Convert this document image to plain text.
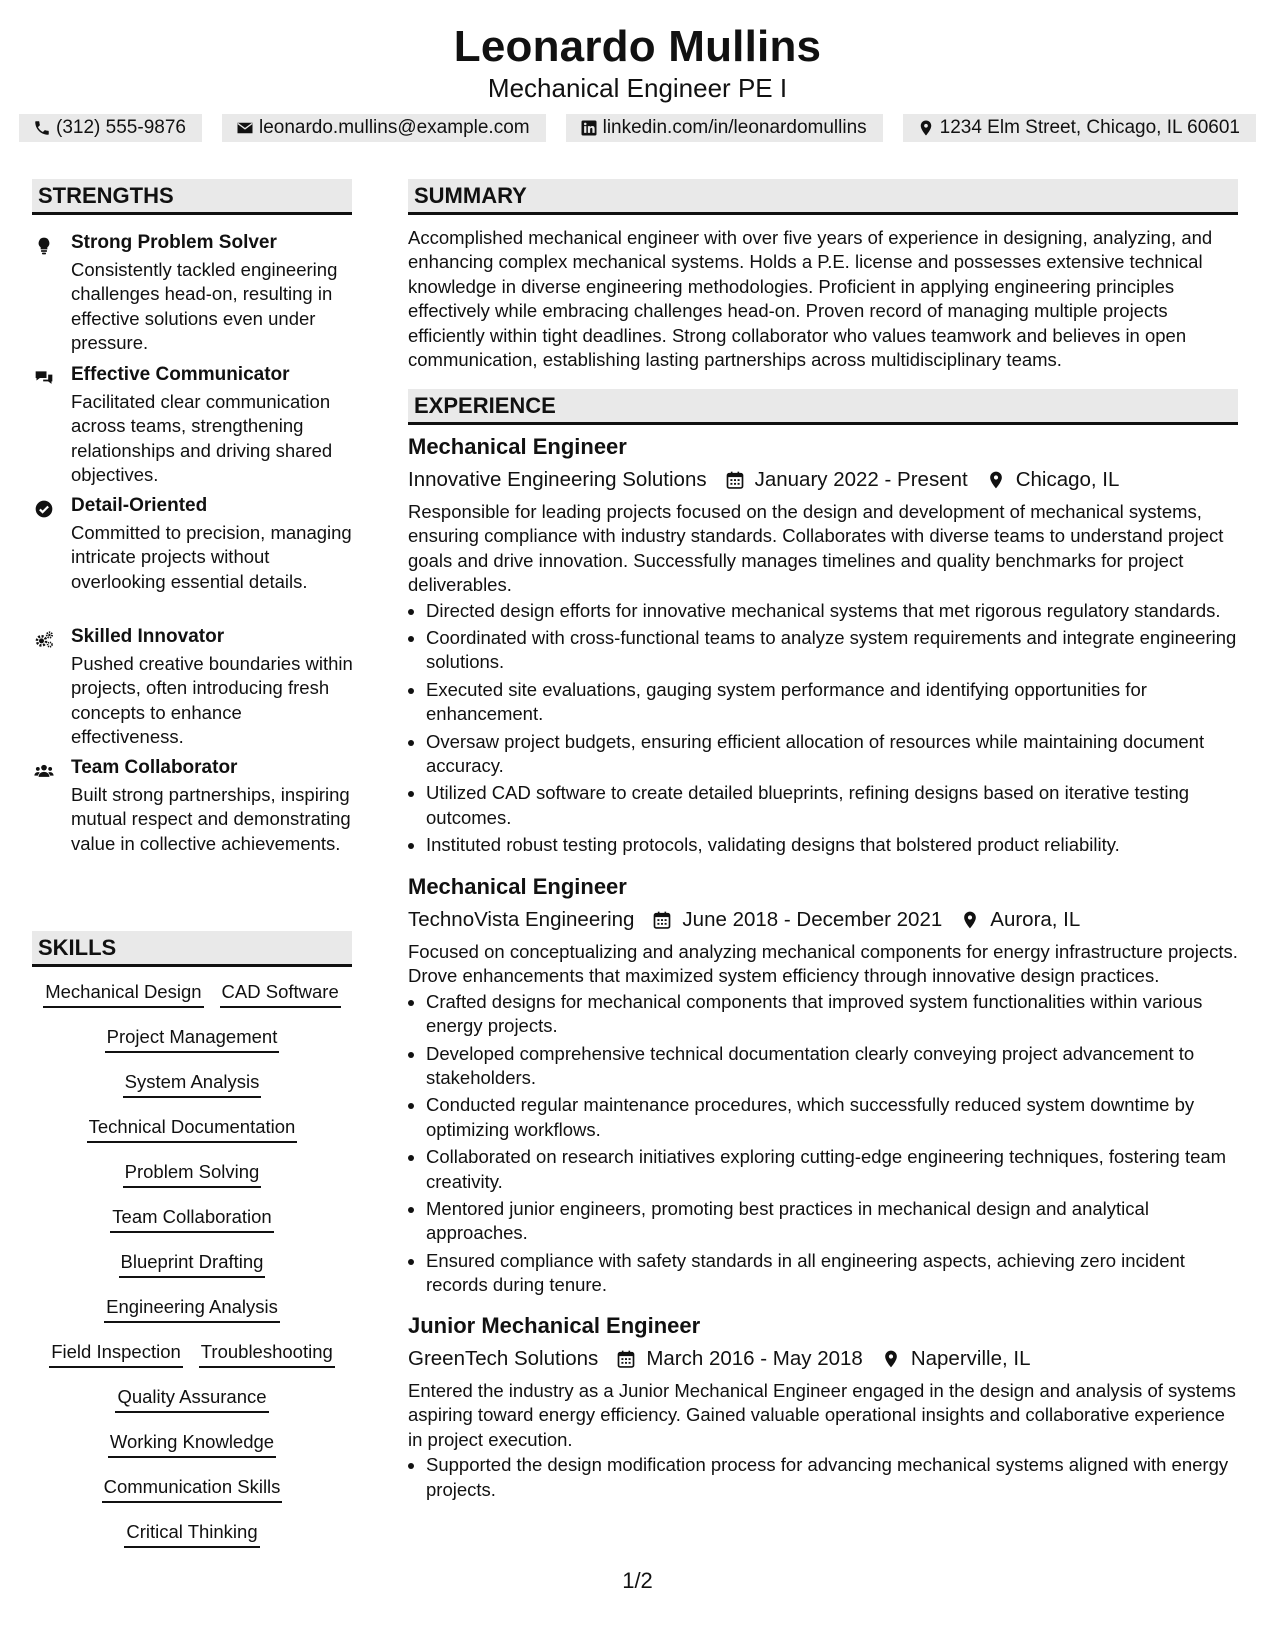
Leonardo Mullins
Mechanical Engineer PE I
(312) 555-9876	leonardo.mullins@example.com	linkedin.com/in/leonardomullins	1234 Elm Street, Chicago, IL 60601
STRENGTHS
Strong Problem Solver
Consistently tackled engineering challenges head-on, resulting in effective solutions even under pressure.
Effective Communicator
Facilitated clear communication across teams, strengthening relationships and driving shared objectives.
Detail-Oriented
Committed to precision, managing intricate projects without overlooking essential details.
Skilled Innovator
Pushed creative boundaries within projects, often introducing fresh concepts to enhance effectiveness.
Team Collaborator
Built strong partnerships, inspiring mutual respect and demonstrating value in collective achievements.
SKILLS
Mechanical Design CAD Software
Project Management
System Analysis
Technical Documentation
Problem Solving
Team Collaboration
Blueprint Drafting
Engineering Analysis
Field Inspection Troubleshooting
Quality Assurance
Working Knowledge
Communication Skills
Critical Thinking
SUMMARY
Accomplished mechanical engineer with over five years of experience in designing, analyzing, and enhancing complex mechanical systems. Holds a P.E. license and possesses extensive technical knowledge in diverse engineering methodologies. Proficient in applying engineering principles effectively while embracing challenges head-on. Proven record of managing multiple projects efficiently within tight deadlines. Strong collaborator who values teamwork and believes in open communication, establishing lasting partnerships across multidisciplinary teams.
EXPERIENCE
Mechanical Engineer
Innovative Engineering Solutions January 2022 - Present Chicago, IL
Responsible for leading projects focused on the design and development of mechanical systems, ensuring compliance with industry standards. Collaborates with diverse teams to understand project goals and drive innovation. Successfully manages timelines and quality benchmarks for project deliverables.
• Directed design efforts for innovative mechanical systems that met rigorous regulatory standards.
• Coordinated with cross-functional teams to analyze system requirements and integrate engineering solutions.
• Executed site evaluations, gauging system performance and identifying opportunities for enhancement.
• Oversaw project budgets, ensuring efficient allocation of resources while maintaining document accuracy.
• Utilized CAD software to create detailed blueprints, refining designs based on iterative testing outcomes.
• Instituted robust testing protocols, validating designs that bolstered product reliability.
Mechanical Engineer
TechnoVista Engineering June 2018 - December 2021 Aurora, IL
Focused on conceptualizing and analyzing mechanical components for energy infrastructure projects. Drove enhancements that maximized system efficiency through innovative design practices.
• Crafted designs for mechanical components that improved system functionalities within various energy projects.
• Developed comprehensive technical documentation clearly conveying project advancement to stakeholders.
• Conducted regular maintenance procedures, which successfully reduced system downtime by optimizing workflows.
• Collaborated on research initiatives exploring cutting-edge engineering techniques, fostering team creativity.
• Mentored junior engineers, promoting best practices in mechanical design and analytical approaches.
• Ensured compliance with safety standards in all engineering aspects, achieving zero incident records during tenure.
Junior Mechanical Engineer
GreenTech Solutions March 2016 - May 2018 Naperville, IL
Entered the industry as a Junior Mechanical Engineer engaged in the design and analysis of systems aspiring toward energy efficiency. Gained valuable operational insights and collaborative experience in project execution.
• Supported the design modification process for advancing mechanical systems aligned with energy projects.
1/2
